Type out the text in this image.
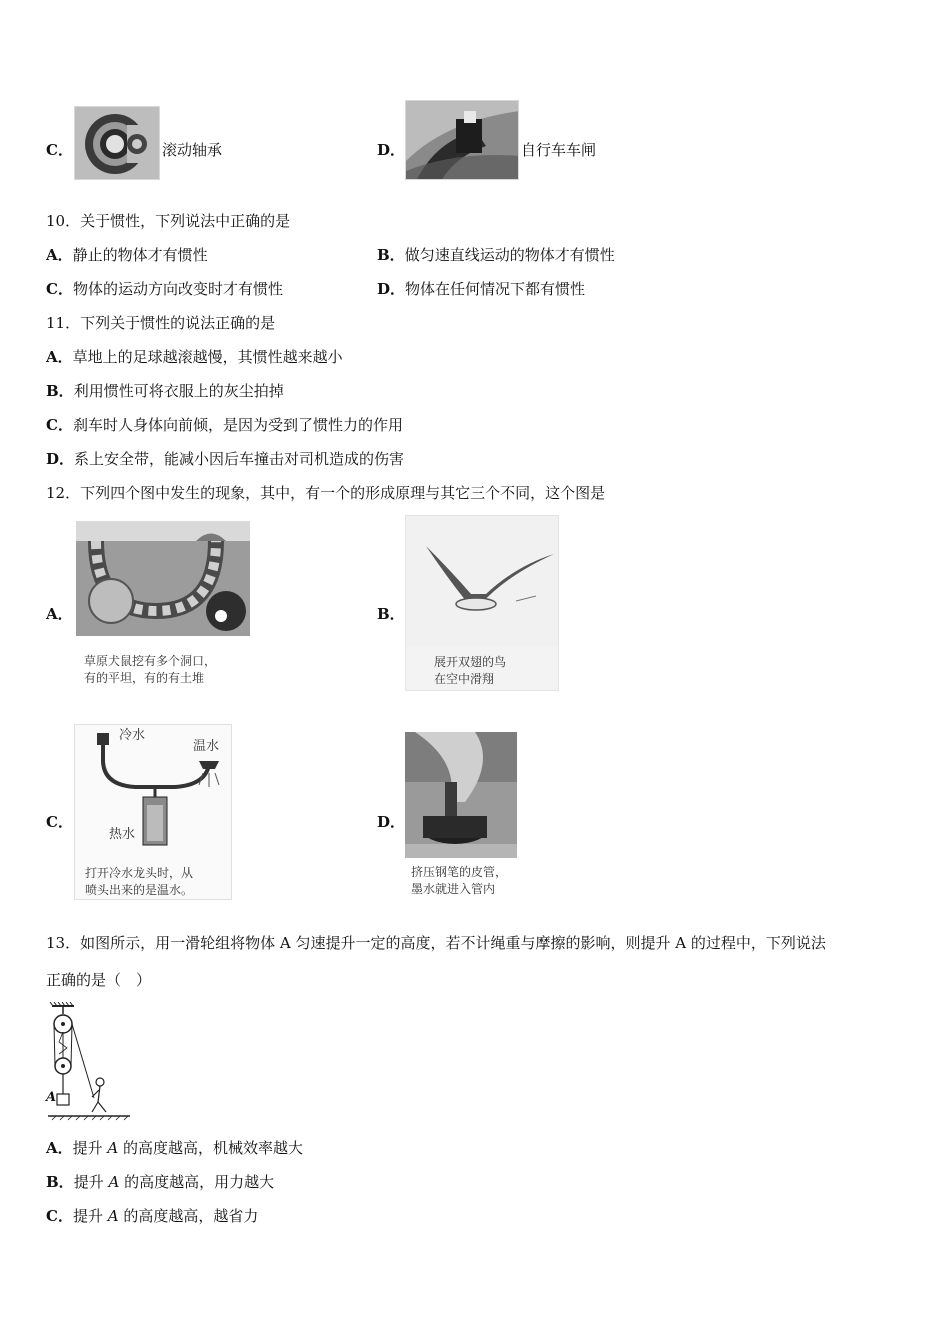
C．	滚动轴承	D．	自行车车闸
10．关于惯性，下列说法中正确的是
A．静止的物体才有惯性	B．做匀速直线运动的物体才有惯性
C．物体的运动方向改变时才有惯性	D．物体在任何情况下都有惯性
11．下列关于惯性的说法正确的是
A．草地上的足球越滚越慢，其惯性越来越小
B．利用惯性可将衣服上的灰尘拍掉
C．刹车时人身体向前倾，是因为受到了惯性力的作用
D．系上安全带，能减小因后车撞击对司机造成的伤害
12．下列四个图中发生的现象，其中，有一个的形成原理与其它三个不同，这个图是
A．
草原犬鼠挖有多个洞口，
有的平坦，有的有土堆
B．
展开双翅的鸟
在空中滑翔
C．
冷水
温水
热水
打开冷水龙头时，从
喷头出来的是温水。
D．
挤压钢笔的皮管，
墨水就进入管内
13．如图所示，用一滑轮组将物体 A 匀速提升一定的高度，若不计绳重与摩擦的影响，则提升 A 的过程中，下列说法
正确的是（　）
A
A．提升 A 的高度越高，机械效率越大
B．提升 A 的高度越高，用力越大
C．提升 A 的高度越高，越省力
